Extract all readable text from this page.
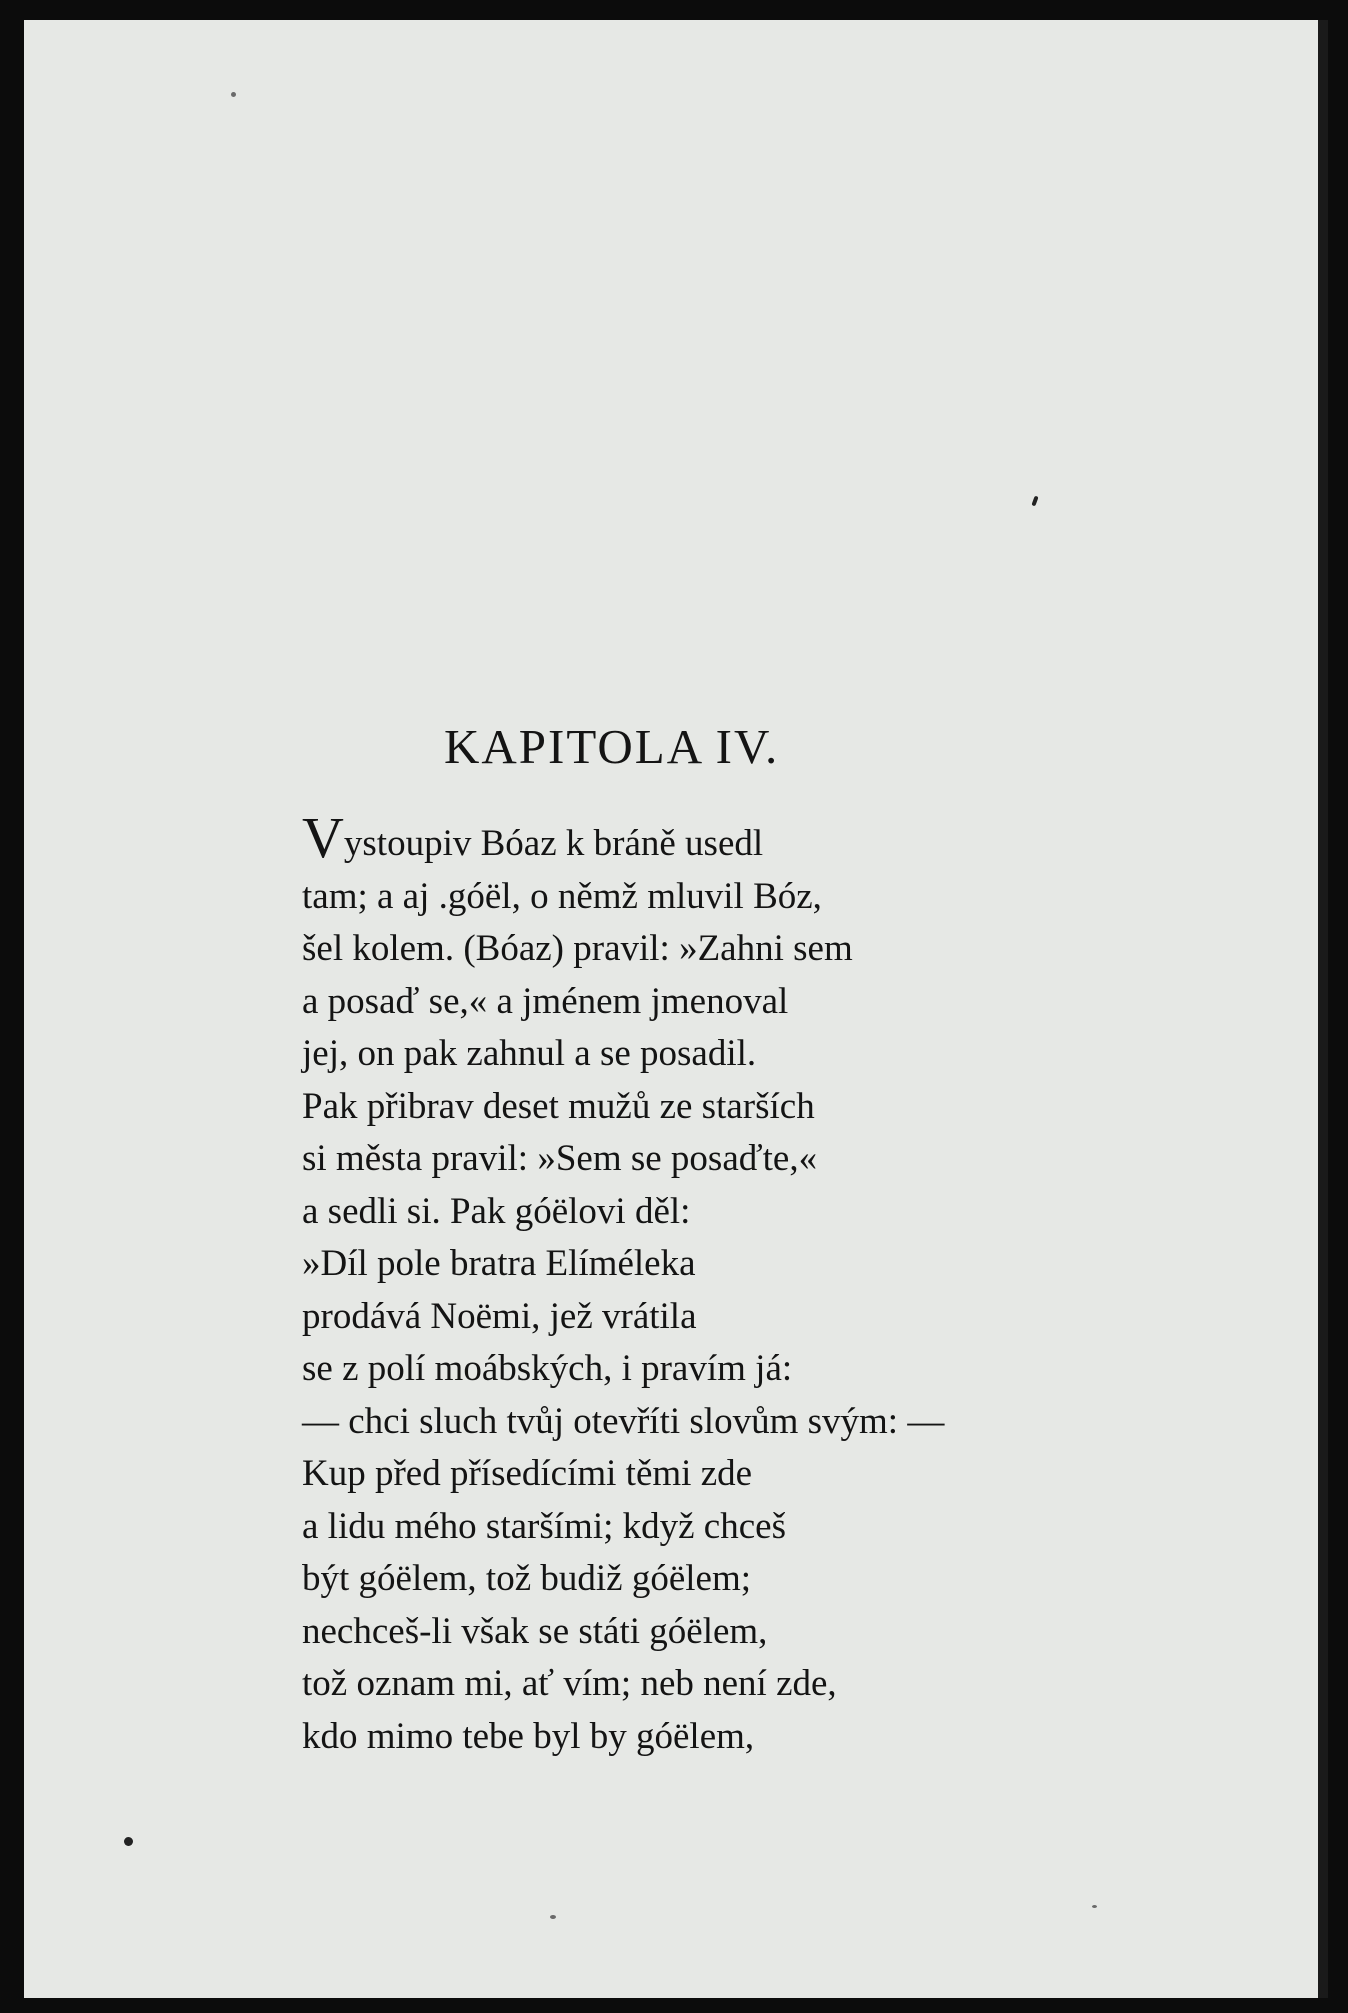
KAPITOLA IV.
Vystoupiv Bóaz k bráně usedl
tam; a aj .góël, o němž mluvil Bóz,
šel kolem. (Bóaz) pravil: »Zahni sem
a posaď se,« a jménem jmenoval
jej, on pak zahnul a se posadil.
Pak přibrav deset mužů ze starších
si města pravil: »Sem se posaďte,«
a sedli si. Pak góëlovi děl:
»Díl pole bratra Elíméleka
prodává Noëmi, jež vrátila
se z polí moábských, i pravím já:
— chci sluch tvůj otevříti slovům svým: —
Kup před přísedícími těmi zde
a lidu mého staršími; když chceš
být góëlem, tož budiž góëlem;
nechceš-li však se státi góëlem,
tož oznam mi, ať vím; neb není zde,
kdo mimo tebe byl by góëlem,
